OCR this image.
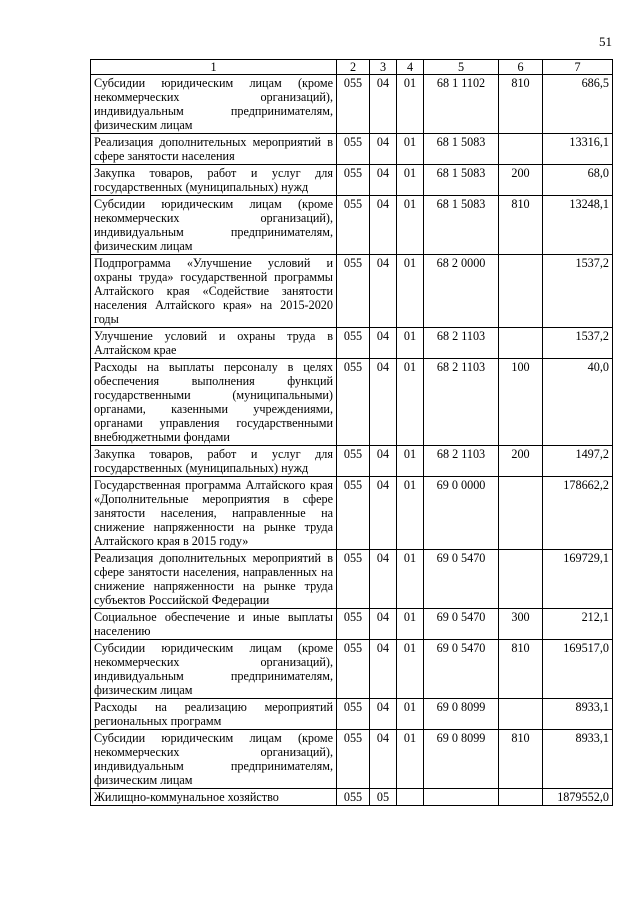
51
1	2	3	4	5	6	7
Субсидии юридическим лицам (кроме некоммерческих организаций), индивидуальным предпринимателям, физическим лицам	055	04	01	68 1 1102	810	686,5
Реализация дополнительных мероприятий в сфере занятости населения	055	04	01	68 1 5083		13316,1
Закупка товаров, работ и услуг для государственных (муниципальных) нужд	055	04	01	68 1 5083	200	68,0
Субсидии юридическим лицам (кроме некоммерческих организаций), индивидуальным предпринимателям, физическим лицам	055	04	01	68 1 5083	810	13248,1
Подпрограмма «Улучшение условий и охраны труда» государственной программы Алтайского края «Содействие занятости населения Алтайского края» на 2015-2020 годы	055	04	01	68 2 0000		1537,2
Улучшение условий и охраны труда в Алтайском крае	055	04	01	68 2 1103		1537,2
Расходы на выплаты персоналу в целях обеспечения выполнения функций государственными (муниципальными) органами, казенными учреждениями, органами управления государственными внебюджетными фондами	055	04	01	68 2 1103	100	40,0
Закупка товаров, работ и услуг для государственных (муниципальных) нужд	055	04	01	68 2 1103	200	1497,2
Государственная программа Алтайского края «Дополнительные мероприятия в сфере занятости населения, направленные на снижение напряженности на рынке труда Алтайского края в 2015 году»	055	04	01	69 0 0000		178662,2
Реализация дополнительных мероприятий в сфере занятости населения, направленных на снижение напряженности на рынке труда субъектов Российской Федерации	055	04	01	69 0 5470		169729,1
Социальное обеспечение и иные выплаты населению	055	04	01	69 0 5470	300	212,1
Субсидии юридическим лицам (кроме некоммерческих организаций), индивидуальным предпринимателям, физическим лицам	055	04	01	69 0 5470	810	169517,0
Расходы на реализацию мероприятий региональных программ	055	04	01	69 0 8099		8933,1
Субсидии юридическим лицам (кроме некоммерческих организаций), индивидуальным предпринимателям, физическим лицам	055	04	01	69 0 8099	810	8933,1
Жилищно-коммунальное хозяйство	055	05				1879552,0
